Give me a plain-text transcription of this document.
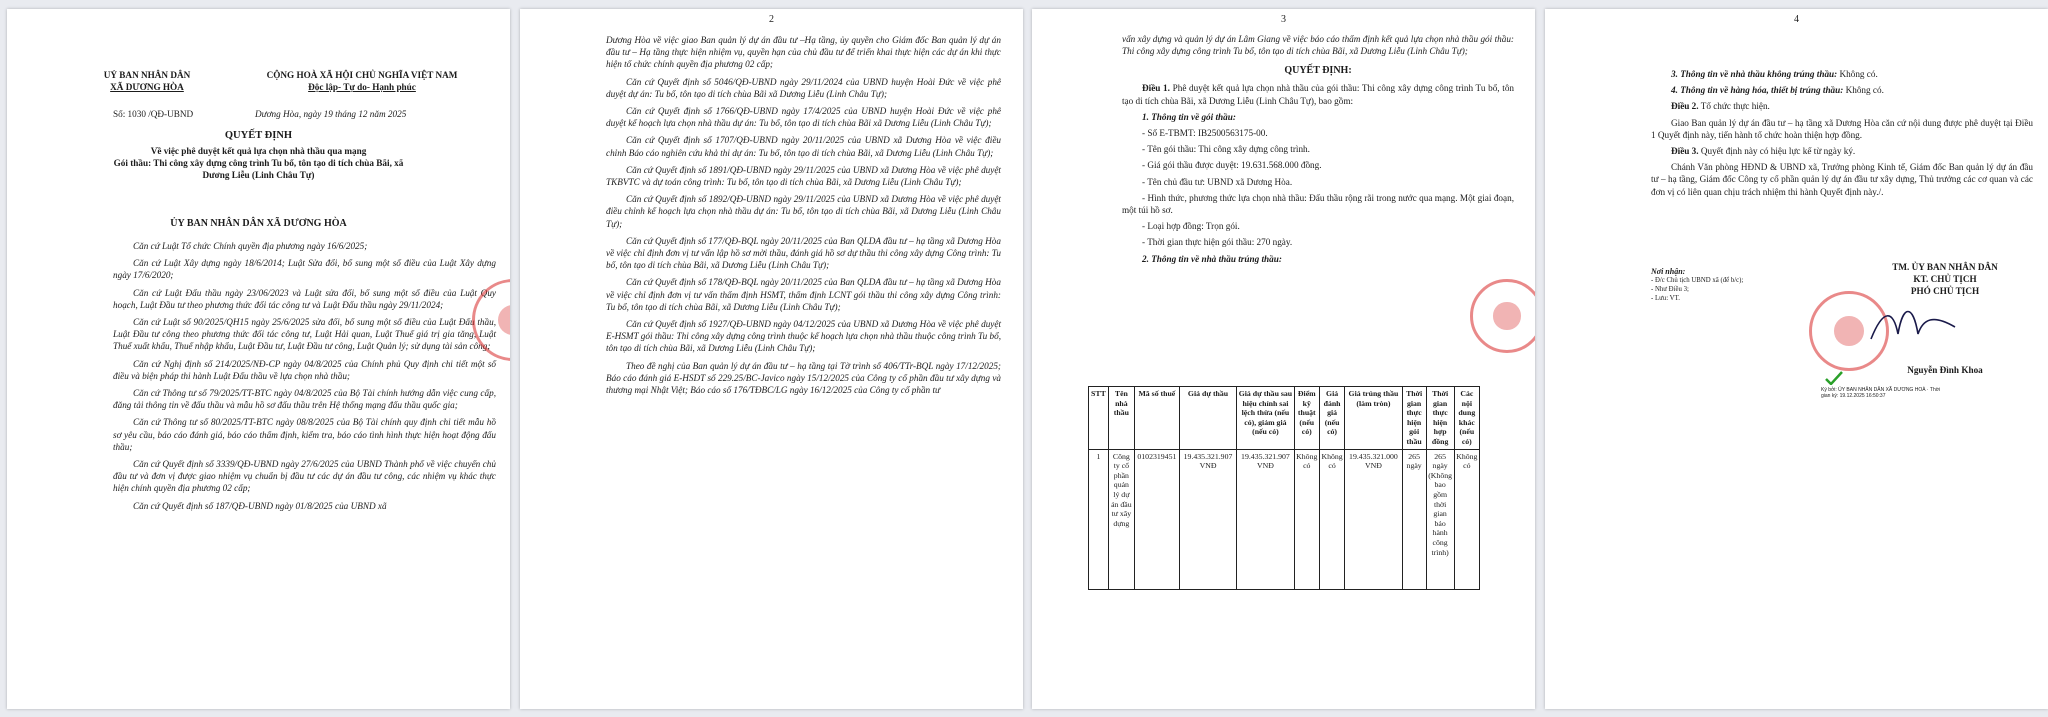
UỶ BAN NHÂN DÂN
XÃ DƯƠNG HÒA
CỘNG HOÀ XÃ HỘI CHỦ NGHĨA VIỆT NAM
Độc lập- Tự do- Hạnh phúc
Số: 1030 /QĐ-UBND	Dương Hòa, ngày 19 tháng 12 năm 2025
QUYẾT ĐỊNH
Về việc phê duyệt kết quả lựa chọn nhà thầu qua mạng
Gói thầu: Thi công xây dựng công trình Tu bổ, tôn tạo di tích chùa Bãi, xã
Dương Liễu (Linh Châu Tự)
ỦY BAN NHÂN DÂN XÃ DƯƠNG HÒA

Căn cứ Luật Tổ chức Chính quyền địa phương ngày 16/6/2025;

Căn cứ Luật Xây dựng ngày 18/6/2014; Luật Sửa đổi, bổ sung một số điều của Luật Xây dựng ngày 17/6/2020;

Căn cứ Luật Đấu thầu ngày 23/06/2023 và Luật sửa đổi, bổ sung một số điều của Luật Quy hoạch, Luật Đầu tư theo phương thức đối tác công tư và Luật Đấu thầu ngày 29/11/2024;

Căn cứ Luật số 90/2025/QH15 ngày 25/6/2025 sửa đổi, bổ sung một số điều của Luật Đấu thầu, Luật Đầu tư công theo phương thức đối tác công tư, Luật Hải quan, Luật Thuế giá trị gia tăng, Luật Thuế xuất khẩu, Thuế nhập khẩu, Luật Đầu tư, Luật Đầu tư công, Luật Quản lý; sử dụng tài sản công;

Căn cứ Nghị định số 214/2025/NĐ-CP ngày 04/8/2025 của Chính phủ Quy định chi tiết một số điều và biện pháp thi hành Luật Đấu thầu về lựa chọn nhà thầu;

Căn cứ Thông tư số 79/2025/TT-BTC ngày 04/8/2025 của Bộ Tài chính hướng dẫn việc cung cấp, đăng tải thông tin về đấu thầu và mẫu hồ sơ đấu thầu trên Hệ thống mạng đấu thầu quốc gia;

Căn cứ Thông tư số 80/2025/TT-BTC ngày 08/8/2025 của Bộ Tài chính quy định chi tiết mẫu hồ sơ yêu cầu, báo cáo đánh giá, báo cáo thẩm định, kiểm tra, báo cáo tình hình thực hiện hoạt động đấu thầu;

Căn cứ Quyết định số 3339/QĐ-UBND ngày 27/6/2025 của UBND Thành phố về việc chuyển chủ đầu tư và đơn vị được giao nhiệm vụ chuẩn bị đầu tư các dự án đầu tư công, các nhiệm vụ khác thực hiện chính quyền địa phương 02 cấp;

Căn cứ Quyết định số 187/QĐ-UBND ngày 01/8/2025 của UBND xã

2

Dương Hòa về việc giao Ban quản lý dự án đầu tư –Hạ tầng, ủy quyền cho Giám đốc Ban quản lý dự án đầu tư – Hạ tầng thực hiện nhiệm vụ, quyền hạn của chủ đầu tư để triển khai thực hiện các dự án khi thực hiện tổ chức chính quyền địa phương 02 cấp;

Căn cứ Quyết định số 5046/QĐ-UBND ngày 29/11/2024 của UBND huyện Hoài Đức về việc phê duyệt dự án: Tu bổ, tôn tạo di tích chùa Bãi xã Dương Liễu (Linh Châu Tự);

Căn cứ Quyết định số 1766/QĐ-UBND ngày 17/4/2025 của UBND huyện Hoài Đức về việc phê duyệt kế hoạch lựa chọn nhà thầu dự án: Tu bổ, tôn tạo di tích chùa Bãi xã Dương Liễu (Linh Châu Tự);

Căn cứ Quyết định số 1707/QĐ-UBND ngày 20/11/2025 của UBND xã Dương Hòa về việc điều chỉnh Báo cáo nghiên cứu khả thi dự án: Tu bổ, tôn tạo di tích chùa Bãi, xã Dương Liễu (Linh Châu Tự);

Căn cứ Quyết định số 1891/QĐ-UBND ngày 29/11/2025 của UBND xã Dương Hòa về việc phê duyệt TKBVTC và dự toán công trình: Tu bổ, tôn tạo di tích chùa Bãi, xã Dương Liễu (Linh Châu Tự);

Căn cứ Quyết định số 1892/QĐ-UBND ngày 29/11/2025 của UBND xã Dương Hòa về việc phê duyệt điều chỉnh kế hoạch lựa chọn nhà thầu dự án: Tu bổ, tôn tạo di tích chùa Bãi, xã Dương Liễu (Linh Châu Tự);

Căn cứ Quyết định số 177/QĐ-BQL ngày 20/11/2025 của Ban QLDA đầu tư – hạ tầng xã Dương Hòa về việc chỉ định đơn vị tư vấn lập hồ sơ mời thầu, đánh giá hồ sơ dự thầu thi công xây dựng Công trình: Tu bổ, tôn tạo di tích chùa Bãi, xã Dương Liễu (Linh Châu Tự);

Căn cứ Quyết định số 178/QĐ-BQL ngày 20/11/2025 của Ban QLDA đầu tư – hạ tầng xã Dương Hòa về việc chỉ định đơn vị tư vấn thẩm định HSMT, thẩm định LCNT gói thầu thi công xây dựng Công trình: Tu bổ, tôn tạo di tích chùa Bãi, xã Dương Liễu (Linh Châu Tự);

Căn cứ Quyết định số 1927/QĐ-UBND ngày 04/12/2025 của UBND xã Dương Hòa về việc phê duyệt E-HSMT gói thầu: Thi công xây dựng công trình thuộc kế hoạch lựa chọn nhà thầu thuộc công trình Tu bổ, tôn tạo di tích chùa Bãi, xã Dương Liễu (Linh Châu Tự);

Theo đề nghị của Ban quản lý dự án đầu tư – hạ tầng tại Tờ trình số 406/TTr-BQL ngày 17/12/2025; Báo cáo đánh giá E-HSDT số 229.25/BC-Javico ngày 15/12/2025 của Công ty cổ phần đầu tư xây dựng và thương mại Nhật Việt; Báo cáo số 176/TĐBC/LG ngày 16/12/2025 của Công ty cổ phần tư

3

vấn xây dựng và quản lý dự án Lâm Giang về việc báo cáo thẩm định kết quả lựa chọn nhà thầu gói thầu: Thi công xây dựng công trình Tu bổ, tôn tạo di tích chùa Bãi, xã Dương Liễu (Linh Châu Tự);

QUYẾT ĐỊNH:

Điều 1. Phê duyệt kết quả lựa chọn nhà thầu của gói thầu: Thi công xây dựng công trình Tu bổ, tôn tạo di tích chùa Bãi, xã Dương Liễu (Linh Châu Tự), bao gồm:

1. Thông tin về gói thầu:
- Số E-TBMT: IB2500563175-00.
- Tên gói thầu: Thi công xây dựng công trình.
- Giá gói thầu được duyệt: 19.631.568.000 đồng.
- Tên chủ đầu tư: UBND xã Dương Hòa.
- Hình thức, phương thức lựa chọn nhà thầu: Đấu thầu rộng rãi trong nước qua mạng. Một giai đoạn, một túi hồ sơ.
- Loại hợp đồng: Trọn gói.
- Thời gian thực hiện gói thầu: 270 ngày.
2. Thông tin về nhà thầu trúng thầu:
STT	Tên nhà thầu	Mã số thuế	Giá dự thầu	Giá dự thầu sau hiệu chỉnh sai lệch thừa (nếu có), giảm giá (nếu có)	Điểm kỹ thuật (nếu có)	Giá đánh giá (nếu có)	Giá trúng thầu (làm tròn)	Thời gian thực hiện gói thầu	Thời gian thực hiện hợp đồng	Các nội dung khác (nếu có)
1	Công ty cổ phần quản lý dự án đầu tư xây dựng	0102319451	19.435.321.907 VNĐ	19.435.321.907 VNĐ	Không có	Không có	19.435.321.000 VNĐ	265 ngày	265 ngày (Không bao gồm thời gian bảo hành công trình)	Không có
4
3. Thông tin về nhà thầu không trúng thầu: Không có.
4. Thông tin về hàng hóa, thiết bị trúng thầu: Không có.
Điều 2. Tổ chức thực hiện.

Giao Ban quản lý dự án đầu tư – hạ tầng xã Dương Hòa căn cứ nội dung được phê duyệt tại Điều 1 Quyết định này, tiến hành tổ chức hoàn thiện hợp đồng.

Điều 3. Quyết định này có hiệu lực kể từ ngày ký.

Chánh Văn phòng HĐND & UBND xã, Trưởng phòng Kinh tế, Giám đốc Ban quản lý dự án đầu tư – hạ tầng, Giám đốc Công ty cổ phần quản lý dự án đầu tư xây dựng, Thủ trưởng các cơ quan và các đơn vị có liên quan chịu trách nhiệm thi hành Quyết định này./.

Nơi nhận:
- Đ/c Chủ tịch UBND xã (để b/c);
- Như Điều 3;
- Lưu: VT.
TM. ỦY BAN NHÂN DÂN
KT. CHỦ TỊCH
PHÓ CHỦ TỊCH
Nguyễn Đình Khoa
Ký bởi: ỦY BAN NHÂN DÂN XÃ DƯƠNG HOÀ · Thời gian ký: 19.12.2025 16:50:37
